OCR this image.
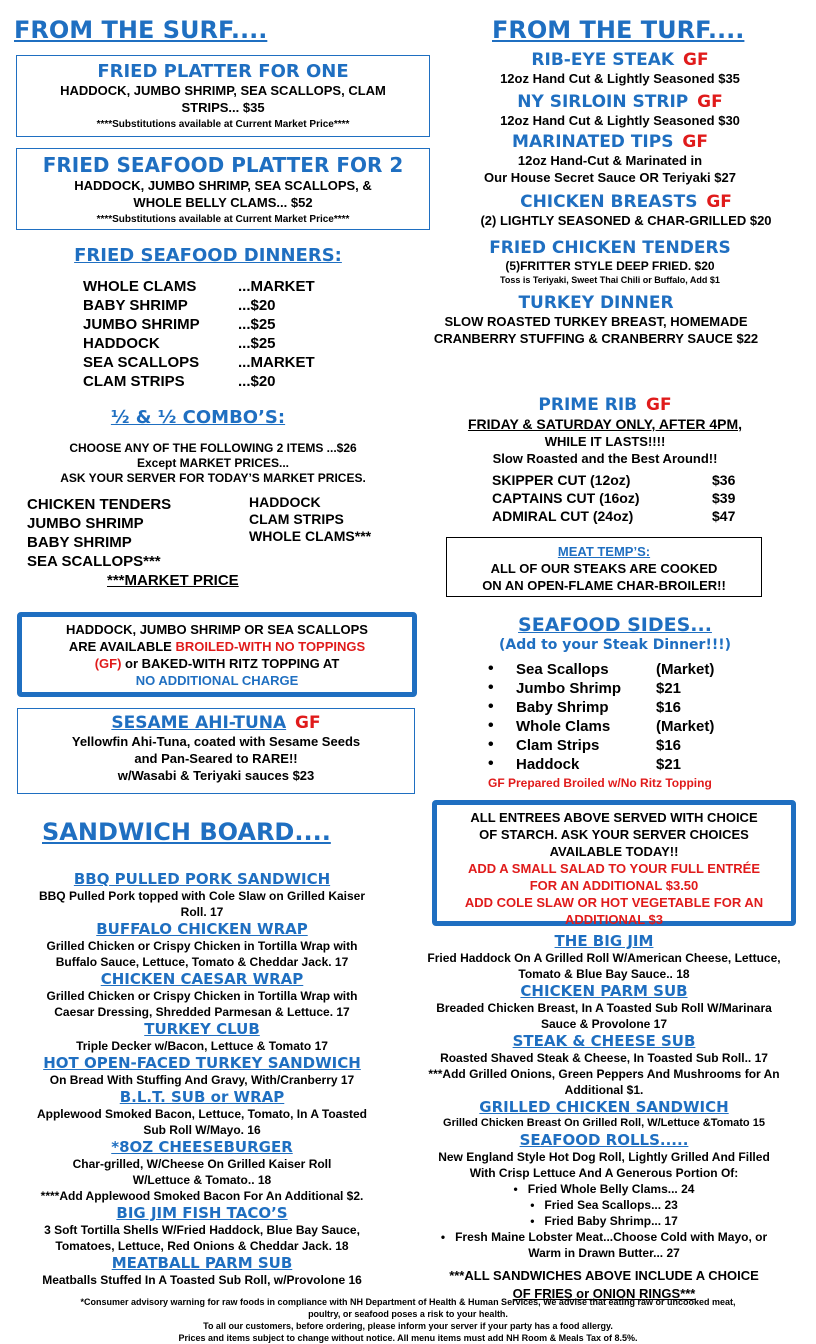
FROM THE SURF....
FRIED PLATTER FOR ONE
HADDOCK, JUMBO SHRIMP, SEA SCALLOPS, CLAM
STRIPS... $35
****Substitutions available at Current Market Price****
FRIED SEAFOOD PLATTER FOR 2
HADDOCK, JUMBO SHRIMP, SEA SCALLOPS, &
WHOLE BELLY CLAMS... $52
****Substitutions available at Current Market Price****
FRIED SEAFOOD DINNERS:
WHOLE CLAMS	...MARKET
BABY SHRIMP	...$20
JUMBO SHRIMP	...$25
HADDOCK	...$25
SEA SCALLOPS	...MARKET
CLAM STRIPS	...$20
½ & ½ COMBO’S:
CHOOSE ANY OF THE FOLLOWING 2 ITEMS ...$26
Except MARKET PRICES...
ASK YOUR SERVER FOR TODAY’S MARKET PRICES.
CHICKEN TENDERS
JUMBO SHRIMP
BABY SHRIMP
SEA SCALLOPS***
HADDOCK
CLAM STRIPS
WHOLE CLAMS***
***MARKET PRICE
HADDOCK, JUMBO SHRIMP OR SEA SCALLOPS
ARE AVAILABLE BROILED-WITH NO TOPPINGS
(GF) or BAKED-WITH RITZ TOPPING AT
NO ADDITIONAL CHARGE
SESAME AHI-TUNA GF
Yellowfin Ahi-Tuna, coated with Sesame Seeds
and Pan-Seared to RARE!!
w/Wasabi & Teriyaki sauces $23
FROM THE TURF....
RIB-EYE STEAK GF
12oz Hand Cut & Lightly Seasoned $35
NY SIRLOIN STRIP GF
12oz Hand Cut & Lightly Seasoned $30
MARINATED TIPS GF
12oz Hand-Cut & Marinated in
Our House Secret Sauce OR Teriyaki $27
CHICKEN BREASTS GF
(2) LIGHTLY SEASONED & CHAR-GRILLED $20
FRIED CHICKEN TENDERS
(5)FRITTER STYLE DEEP FRIED. $20
Toss is Teriyaki, Sweet Thai Chili or Buffalo, Add $1
TURKEY DINNER
SLOW ROASTED TURKEY BREAST, HOMEMADE
CRANBERRY STUFFING & CRANBERRY SAUCE $22
PRIME RIB GF
FRIDAY & SATURDAY ONLY, AFTER 4PM,
WHILE IT LASTS!!!!
Slow Roasted and the Best Around!!
SKIPPER CUT (12oz)	$36
CAPTAINS CUT (16oz)	$39
ADMIRAL CUT (24oz)	$47
MEAT TEMP’S:
ALL OF OUR STEAKS ARE COOKED
ON AN OPEN-FLAME CHAR-BROILER!!
SEAFOOD SIDES...
(Add to your Steak Dinner!!!)
•	Sea Scallops	(Market)
•	Jumbo Shrimp	$21
•	Baby Shrimp	$16
•	Whole Clams	(Market)
•	Clam Strips	$16
•	Haddock	$21
GF Prepared Broiled w/No Ritz Topping
ALL ENTREES ABOVE SERVED WITH CHOICE
OF STARCH. ASK YOUR SERVER CHOICES
AVAILABLE TODAY!!
ADD A SMALL SALAD TO YOUR FULL ENTRÉE
FOR AN ADDITIONAL $3.50
ADD COLE SLAW OR HOT VEGETABLE FOR AN
ADDITIONAL $3
SANDWICH BOARD....
BBQ PULLED PORK SANDWICH
BBQ Pulled Pork topped with Cole Slaw on Grilled Kaiser
Roll. 17
BUFFALO CHICKEN WRAP
Grilled Chicken or Crispy Chicken in Tortilla Wrap with
Buffalo Sauce, Lettuce, Tomato & Cheddar Jack. 17
CHICKEN CAESAR WRAP
Grilled Chicken or Crispy Chicken in Tortilla Wrap with
Caesar Dressing, Shredded Parmesan & Lettuce. 17
TURKEY CLUB
Triple Decker w/Bacon, Lettuce & Tomato 17
HOT OPEN-FACED TURKEY SANDWICH
On Bread With Stuffing And Gravy, With/Cranberry 17
B.L.T. SUB or WRAP
Applewood Smoked Bacon, Lettuce, Tomato, In A Toasted
Sub Roll W/Mayo. 16
*8OZ CHEESEBURGER
Char-grilled, W/Cheese On Grilled Kaiser Roll
W/Lettuce & Tomato.. 18
****Add Applewood Smoked Bacon For An Additional $2.
BIG JIM FISH TACO’S
3 Soft Tortilla Shells W/Fried Haddock, Blue Bay Sauce,
Tomatoes, Lettuce, Red Onions & Cheddar Jack. 18
MEATBALL PARM SUB
Meatballs Stuffed In A Toasted Sub Roll, w/Provolone 16
THE BIG JIM
Fried Haddock On A Grilled Roll W/American Cheese, Lettuce,
Tomato & Blue Bay Sauce.. 18
CHICKEN PARM SUB
Breaded Chicken Breast, In A Toasted Sub Roll W/Marinara
Sauce & Provolone 17
STEAK & CHEESE SUB
Roasted Shaved Steak & Cheese, In Toasted Sub Roll.. 17
***Add Grilled Onions, Green Peppers And Mushrooms for An
Additional $1.
GRILLED CHICKEN SANDWICH
Grilled Chicken Breast On Grilled Roll, W/Lettuce &Tomato 15
SEAFOOD ROLLS.....
New England Style Hot Dog Roll, Lightly Grilled And Filled
With Crisp Lettuce And A Generous Portion Of:
•   Fried Whole Belly Clams... 24
•   Fried Sea Scallops... 23
•   Fried Baby Shrimp... 17
•   Fresh Maine Lobster Meat...Choose Cold with Mayo, or
Warm in Drawn Butter... 27
***ALL SANDWICHES ABOVE INCLUDE A CHOICE
OF FRIES or ONION RINGS***
*Consumer advisory warning for raw foods in compliance with NH Department of Health & Human Services, We advise that eating raw or uncooked meat,
poultry, or seafood poses a risk to your health.
To all our customers, before ordering, please inform your server if your party has a food allergy.
Prices and items subject to change without notice. All menu items must add NH Room & Meals Tax of 8.5%.
